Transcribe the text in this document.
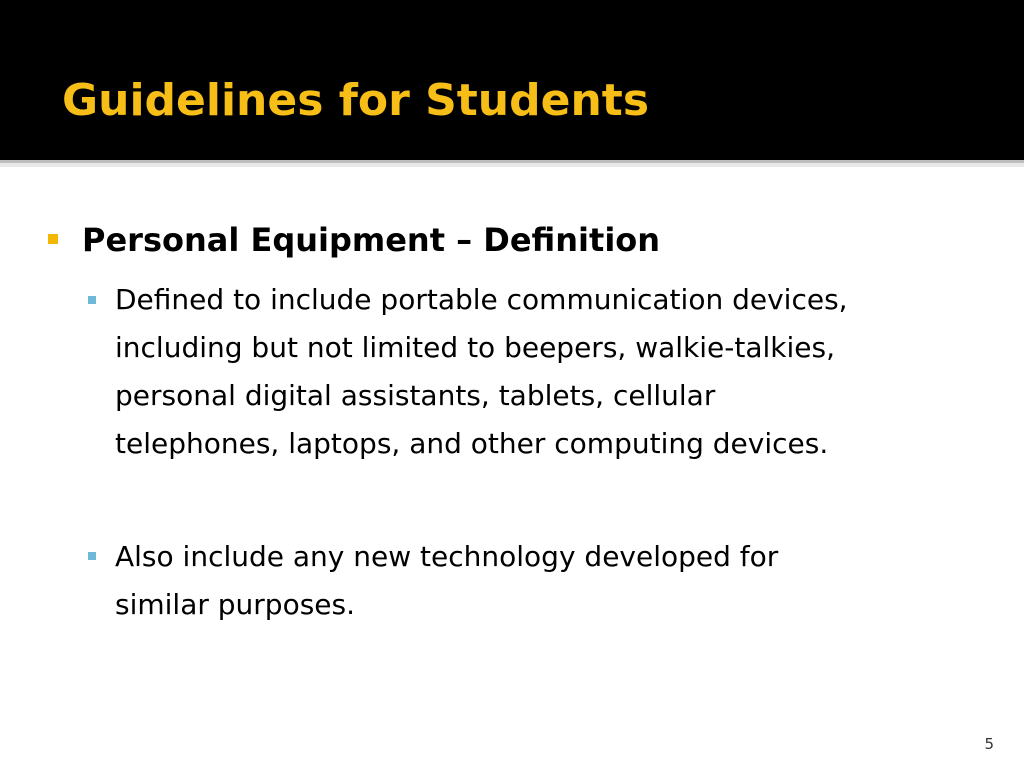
Guidelines for Students

Personal Equipment – Definition

Defined to include portable communication devices,
including but not limited to beepers, walkie-talkies,
personal digital assistants, tablets, cellular
telephones, laptops, and other computing devices.

Also include any new technology developed for
similar purposes.

5
